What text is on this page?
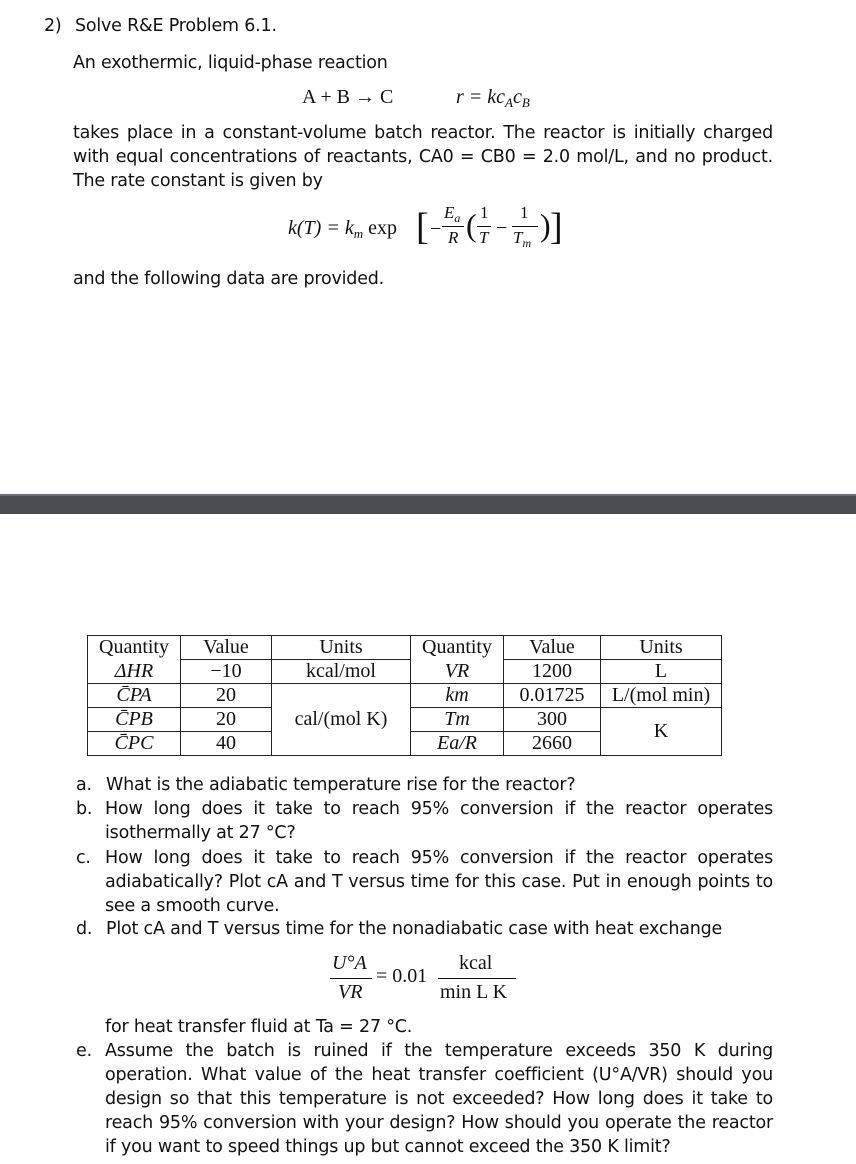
2) Solve R&E Problem 6.1.
An exothermic, liquid-phase reaction
A + B → C	$r = kc_Ac_B$
takes place in a constant-volume batch reactor. The reactor is initially charged
with equal concentrations of reactants, CA0 = CB0 = 2.0 mol/L, and no product.
The rate constant is given by
$k(T) = k_m$ exp [ −
$E_a$
R ( 1
T −
1
$T_m$ ) ]
and the following data are provided.
Quantity	Value	Units	Quantity	Value	Units
ΔHR	−10	kcal/mol	VR	1200	L
C̄PA	20	cal/(mol K)	km	0.01725	L/(mol min)
C̄PB	20		Tm	300	K
C̄PC	40		Ea/R	2660	
a. What is the adiabatic temperature rise for the reactor?
b. How long does it take to reach 95% conversion if the reactor operates
isothermally at 27 °C?
c. How long does it take to reach 95% conversion if the reactor operates
adiabatically? Plot cA and T versus time for this case. Put in enough points to
see a smooth curve.
d. Plot cA and T versus time for the nonadiabatic case with heat exchange
U°A
VR
= 0.01
kcal
min L K
for heat transfer fluid at Ta = 27 °C.
e. Assume the batch is ruined if the temperature exceeds 350 K during
operation. What value of the heat transfer coefficient (U°A/VR) should you
design so that this temperature is not exceeded? How long does it take to
reach 95% conversion with your design? How should you operate the reactor
if you want to speed things up but cannot exceed the 350 K limit?
